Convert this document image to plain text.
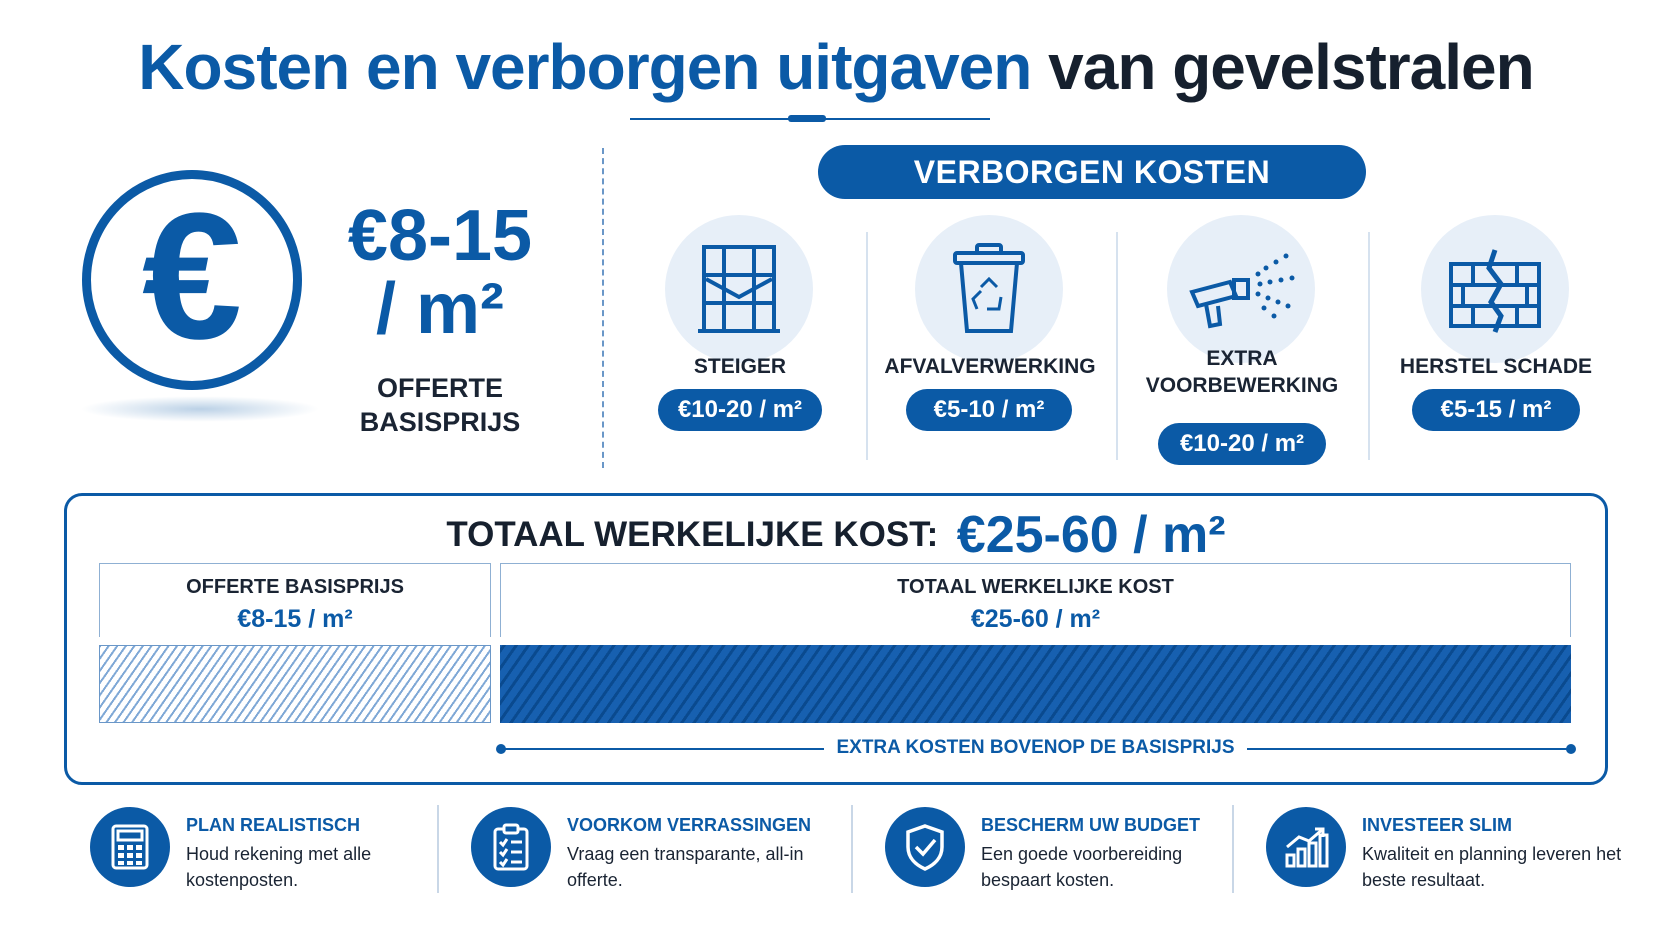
Kosten en verborgen uitgaven van gevelstralen
€	€8-15
/ m²
OFFERTE
BASISPRIJS
VERBORGEN KOSTEN
STEIGER
€10-20 / m²
AFVALVERWERKING
€5-10 / m²
EXTRA
VOORBEWERKING
€10-20 / m²
HERSTEL SCHADE
€5-15 / m²
TOTAAL WERKELIJKE KOST: €25-60 / m²
OFFERTE BASISPRIJS
€8-15 / m²
TOTAAL WERKELIJKE KOST
€25-60 / m²
EXTRA KOSTEN BOVENOP DE BASISPRIJS
PLAN REALISTISCH
Houd rekening met alle kostenposten.
VOORKOM VERRASSINGEN
Vraag een transparante, all-in offerte.
BESCHERM UW BUDGET
Een goede voorbereiding bespaart kosten.
INVESTEER SLIM
Kwaliteit en planning leveren het beste resultaat.
